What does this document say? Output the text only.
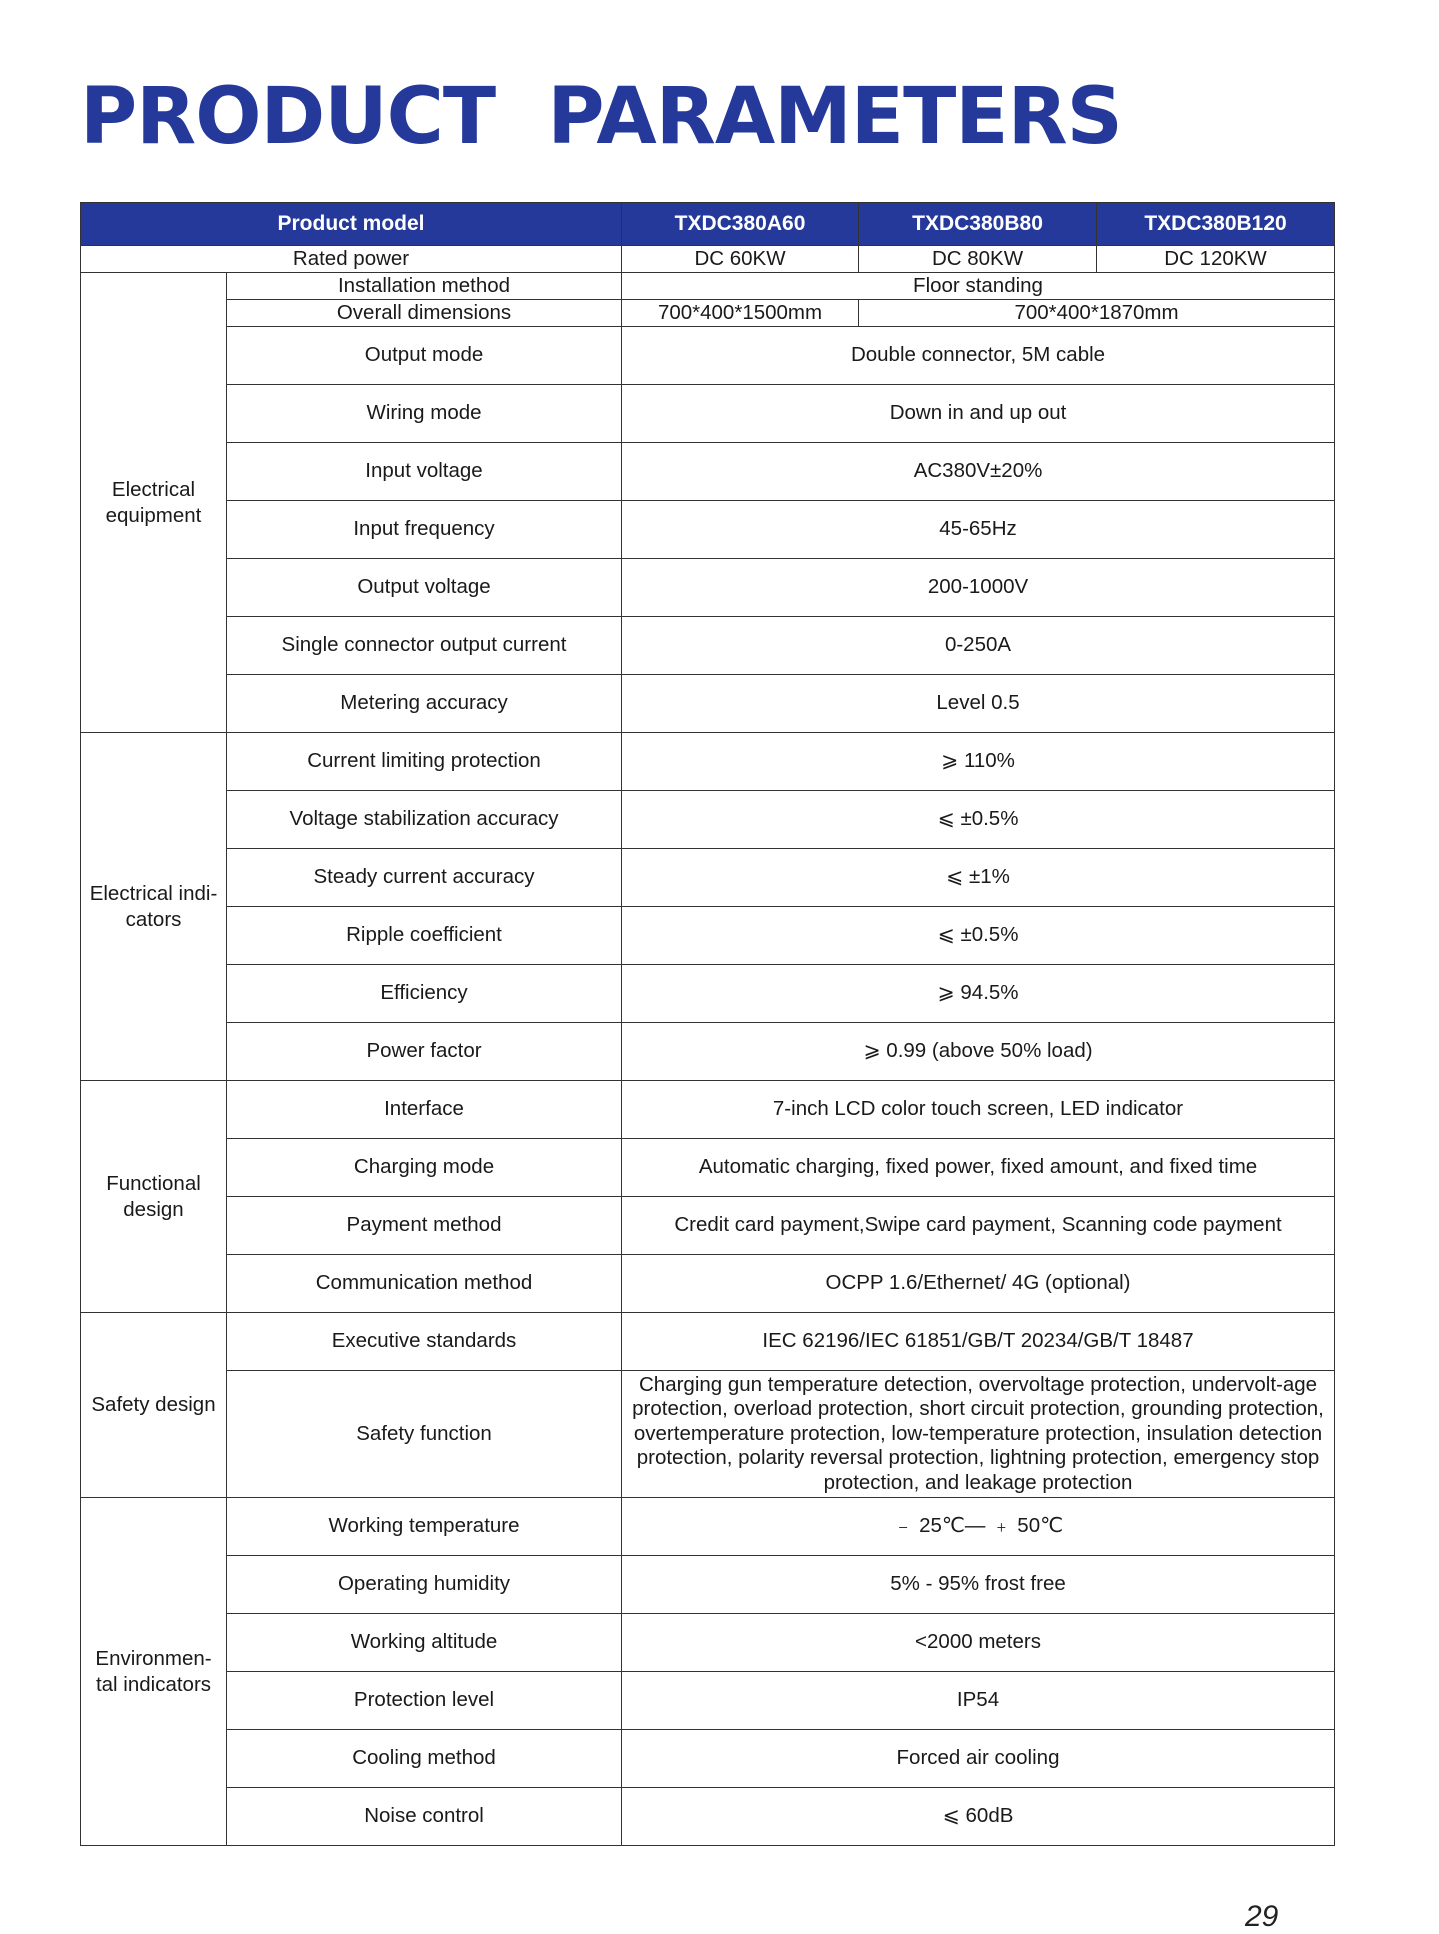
PRODUCT  PARAMETERS
Product model		TXDC380A60	TXDC380B80	TXDC380B120
Rated power		DC 60KW	DC 80KW	DC 120KW
Electrical equipment	Installation method	Floor standing		
	Overall dimensions	700*400*1500mm	700*400*1870mm	
	Output mode	Double connector, 5M cable		
	Wiring mode	Down in and up out		
	Input voltage	AC380V±20%		
	Input frequency	45-65Hz		
	Output voltage	200-1000V		
	Single connector output current	0-250A		
	Metering accuracy	Level 0.5		
Electrical indi-cators	Current limiting protection	⩾ 110%		
	Voltage stabilization accuracy	⩽ ±0.5%		
	Steady current accuracy	⩽ ±1%		
	Ripple coefficient	⩽ ±0.5%		
	Efficiency	⩾ 94.5%		
	Power factor	⩾ 0.99 (above 50% load)		
Functional design	Interface	7-inch LCD color touch screen, LED indicator		
	Charging mode	Automatic charging, fixed power, fixed amount, and fixed time		
	Payment method	Credit card payment,Swipe card payment, Scanning code payment		
	Communication method	OCPP 1.6/Ethernet/ 4G (optional)		
Safety design	Executive standards	IEC 62196/IEC 61851/GB/T 20234/GB/T 18487		
	Safety function	Charging gun temperature detection, overvoltage protection, undervolt-age protection, overload protection, short circuit protection, grounding protection, overtemperature protection, low-temperature protection, insulation detection protection, polarity reversal protection, lightning protection, emergency stop protection, and leakage protection		
Environmen-tal indicators	Working temperature	﹣ 25℃— ﹢ 50℃		
	Operating humidity	5% - 95% frost free		
	Working altitude	<2000 meters		
	Protection level	IP54		
	Cooling method	Forced air cooling		
	Noise control	⩽ 60dB		
29
